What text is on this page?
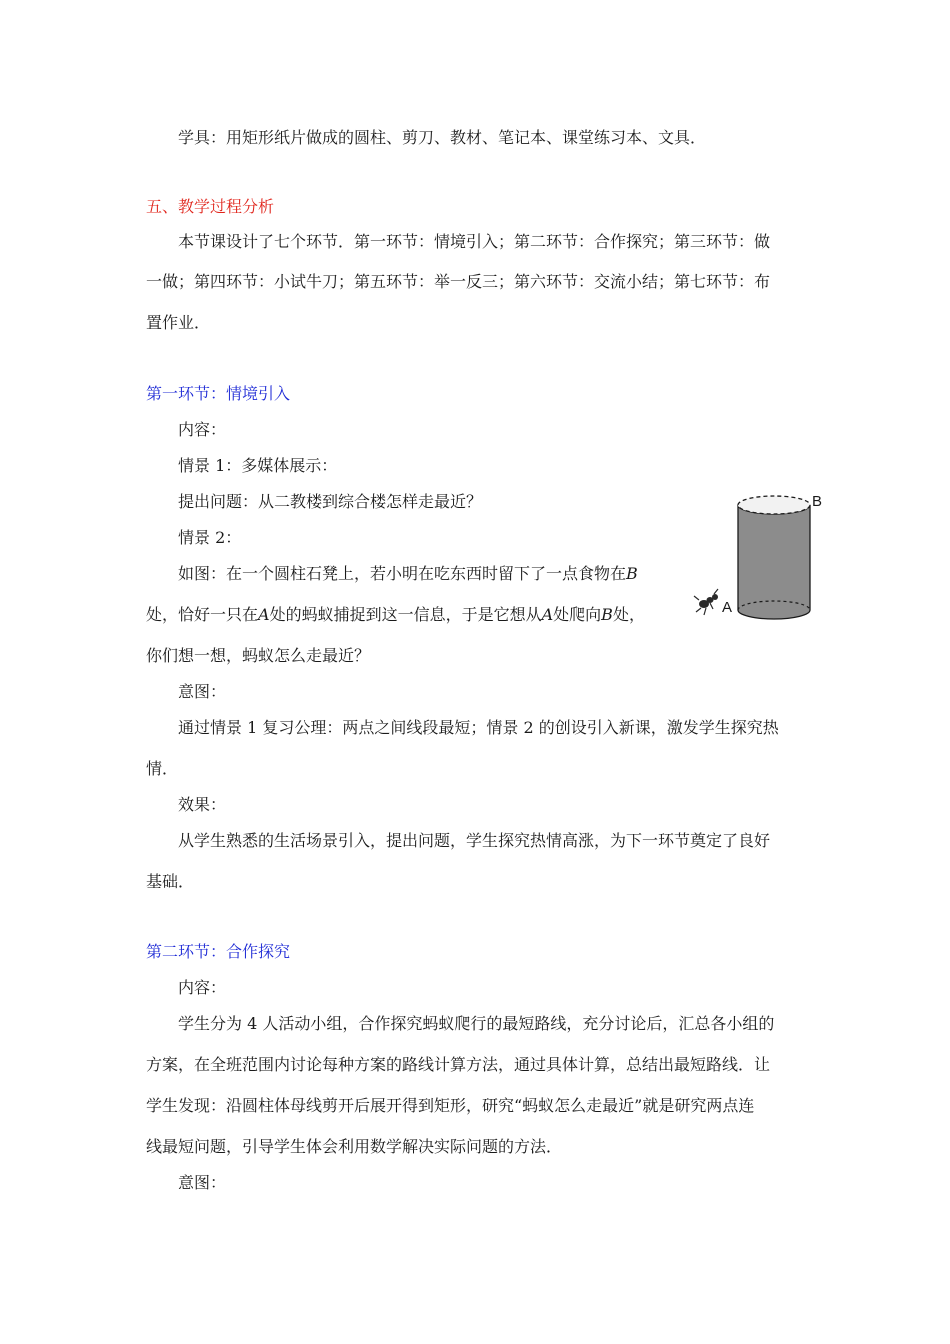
学具：用矩形纸片做成的圆柱、剪刀、教材、笔记本、课堂练习本、文具．
五、教学过程分析
本节课设计了七个环节．第一环节：情境引入；第二环节：合作探究；第三环节：做
一做；第四环节：小试牛刀；第五环节：举一反三；第六环节：交流小结；第七环节：布
置作业．
第一环节：情境引入
内容：
情景 1：多媒体展示：
提出问题：从二教楼到综合楼怎样走最近？
情景 2：
如图：在一个圆柱石凳上，若小明在吃东西时留下了一点食物在B
处，恰好一只在A处的蚂蚁捕捉到这一信息，于是它想从A处爬向B处，
你们想一想，蚂蚁怎么走最近？
意图：
通过情景 1 复习公理：两点之间线段最短；情景 2 的创设引入新课，激发学生探究热
情．
效果：
从学生熟悉的生活场景引入，提出问题，学生探究热情高涨，为下一环节奠定了良好
基础．
第二环节：合作探究
内容：
学生分为 4 人活动小组，合作探究蚂蚁爬行的最短路线，充分讨论后，汇总各小组的
方案，在全班范围内讨论每种方案的路线计算方法，通过具体计算，总结出最短路线．让
学生发现：沿圆柱体母线剪开后展开得到矩形，研究“蚂蚁怎么走最近”就是研究两点连
线最短问题，引导学生体会利用数学解决实际问题的方法．
意图：
B
A
